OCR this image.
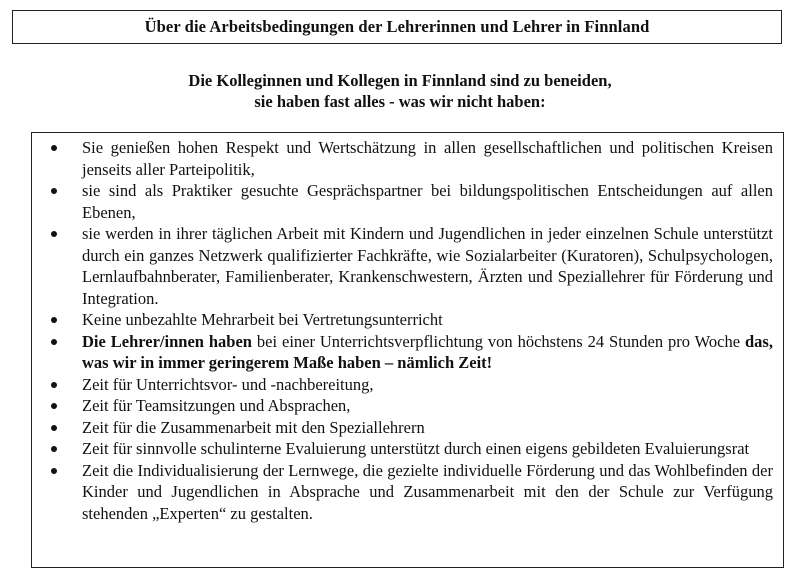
Über die Arbeitsbedingungen der Lehrerinnen und Lehrer in Finnland
Die Kolleginnen und Kollegen in Finnland sind zu beneiden,
sie haben fast alles - was wir nicht haben:
Sie genießen hohen Respekt und Wertschätzung in allen gesellschaftlichen und politischen Kreisen jenseits aller Parteipolitik,
sie sind als Praktiker gesuchte Gesprächspartner bei bildungspolitischen Entscheidungen auf allen Ebenen,
sie werden in ihrer täglichen Arbeit mit Kindern und Jugendlichen in jeder einzelnen Schule unterstützt durch ein ganzes Netzwerk qualifizierter Fachkräfte, wie Sozialarbeiter (Kuratoren), Schulpsychologen, Lernlaufbahnberater, Familienberater, Krankenschwestern, Ärzten und Speziallehrer für Förderung und Integration.
Keine unbezahlte Mehrarbeit bei Vertretungsunterricht
Die Lehrer/innen haben bei einer Unterrichtsverpflichtung von höchstens 24 Stunden pro Woche das, was wir in immer geringerem Maße haben – nämlich Zeit!
Zeit für Unterrichtsvor- und -nachbereitung,
Zeit für Teamsitzungen und Absprachen,
Zeit für die Zusammenarbeit mit den Speziallehrern
Zeit für sinnvolle schulinterne Evaluierung unterstützt durch einen eigens gebildeten Evaluierungsrat
Zeit die Individualisierung der Lernwege, die gezielte individuelle Förderung und das Wohlbefinden der Kinder und Jugendlichen in Absprache und Zusammenarbeit mit den der Schule zur Verfügung stehenden „Experten“ zu gestalten.
